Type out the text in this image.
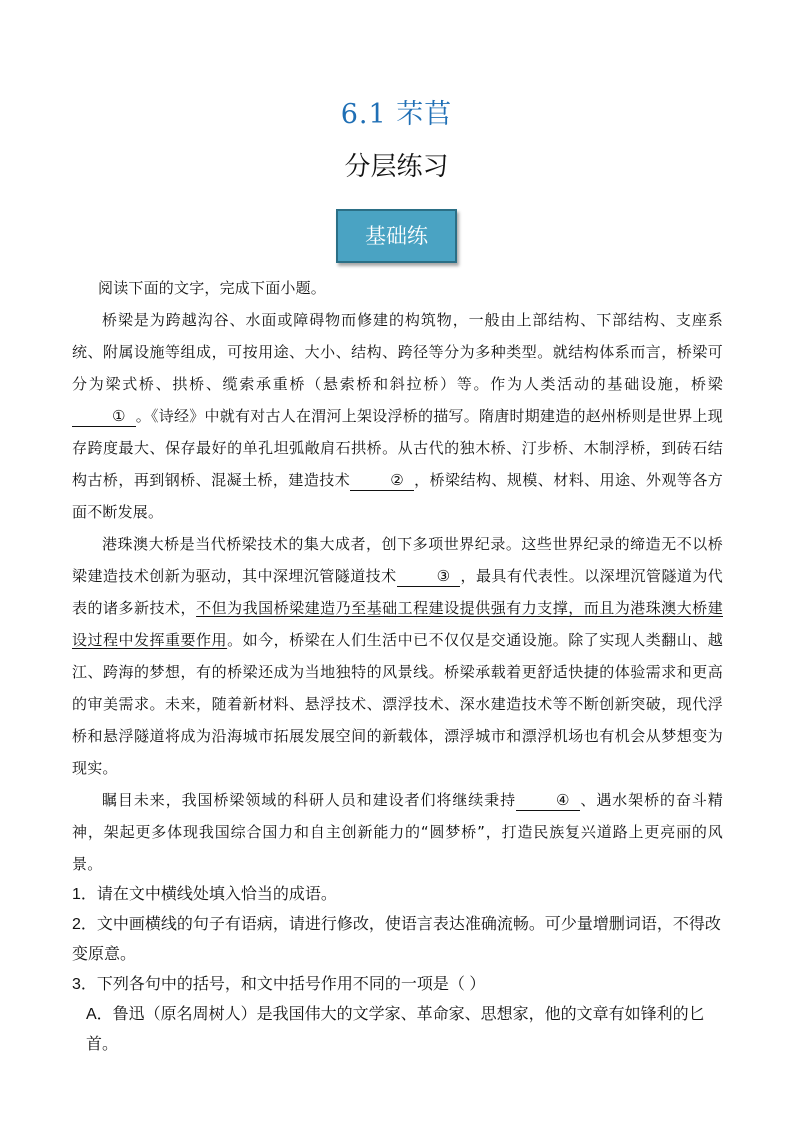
6.1 芣苢
分层练习
基础练

阅读下面的文字，完成下面小题。

桥梁是为跨越沟谷、水面或障碍物而修建的构筑物，一般由上部结构、下部结构、支座系统、附属设施等组成，可按用途、大小、结构、跨径等分为多种类型。就结构体系而言，桥梁可分为梁式桥、拱桥、缆索承重桥（悬索桥和斜拉桥）等。作为人类活动的基础设施，桥梁① 。《诗经》中就有对古人在渭河上架设浮桥的描写。隋唐时期建造的赵州桥则是世界上现存跨度最大、保存最好的单孔坦弧敞肩石拱桥。从古代的独木桥、汀步桥、木制浮桥，到砖石结构古桥，再到钢桥、混凝土桥，建造技术	② ，桥梁结构、规模、材料、用途、外观等各方面不断发展。

港珠澳大桥是当代桥梁技术的集大成者，创下多项世界纪录。这些世界纪录的缔造无不以桥梁建造技术创新为驱动，其中深埋沉管隧道技术	③ ，最具有代表性。以深埋沉管隧道为代表的诸多新技术，不但为我国桥梁建造乃至基础工程建设提供强有力支撑，而且为港珠澳大桥建设过程中发挥重要作用。如今，桥梁在人们生活中已不仅仅是交通设施。除了实现人类翻山、越江、跨海的梦想，有的桥梁还成为当地独特的风景线。桥梁承载着更舒适快捷的体验需求和更高的审美需求。未来，随着新材料、悬浮技术、漂浮技术、深水建造技术等不断创新突破，现代浮桥和悬浮隧道将成为沿海城市拓展发展空间的新载体，漂浮城市和漂浮机场也有机会从梦想变为现实。

瞩目未来，我国桥梁领域的科研人员和建设者们将继续秉持	④ 、遇水架桥的奋斗精神，架起更多体现我国综合国力和自主创新能力的“圆梦桥”，打造民族复兴道路上更亮丽的风景。

1．请在文中横线处填入恰当的成语。

2．文中画横线的句子有语病，请进行修改，使语言表达准确流畅。可少量增删词语，不得改变原意。

3．下列各句中的括号，和文中括号作用不同的一项是（ ）

A．鲁迅（原名周树人）是我国伟大的文学家、革命家、思想家，他的文章有如锋利的匕首。
